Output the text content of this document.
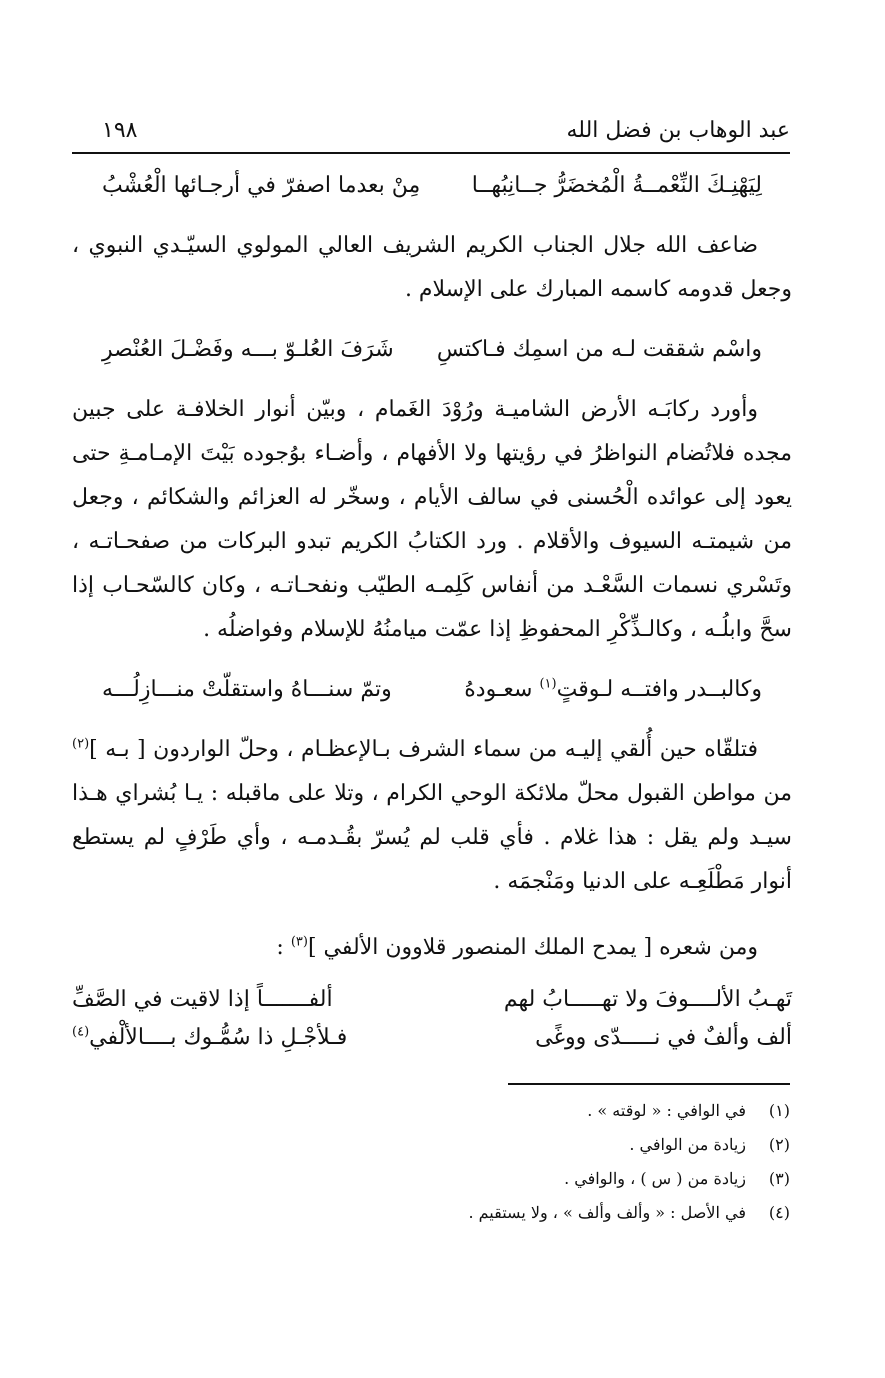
عبد الوهاب بن فضل الله
١٩٨
لِيَهْنِـكَ النِّعْمــةُ الْمُخضَرُّ جــانِبُهــا
مِنْ بعدما اصفرّ في أرجـائها الْعُشْبُ

ضاعف الله جلال الجناب الكريم الشريف العالي المولوي السيّـدي النبوي ، وجعل قدومه كاسمه المبارك على الإسلام .

واسْم شققت لـه من اسمِك فـاكتسِ
شَرَفَ العُلـوّ بـــه وفَضْـلَ العُنْصرِ

وأورد ركابَـه الأرض الشاميـة ورُوْدَ الغَمام ، وبيّن أنوار الخلافـة على جبين مجده فلاتُضام النواظرُ في رؤيتها ولا الأفهام ، وأضـاء بوُجوده بَيْتَ الإمـامـةِ حتى يعود إلى عوائده الْحُسنى في سالف الأيام ، وسخّر له العزائم والشكائم ، وجعل من شيمتـه السيوف والأقلام . ورد الكتابُ الكريم تبدو البركات من صفحـاتـه ، وتَسْري نسمات السَّعْـد من أنفاس كَلِمـه الطيّب ونفحـاتـه ، وكان كالسّحـاب إذا سحَّ وابلُـه ، وكالـذِّكْرِ المحفوظِ إذا عمّت ميامنُهُ للإسلام وفواضلُه .

وكالبــدر وافتــه لـوقتٍ$^{(١)}$ سعـودهُ
وتمّ سنـــاهُ واستقلّتْ منـــازِلُـــه

فتلقّاه حين أُلقي إليـه من سماء الشرف بـالإعظـام ، وحلّ الواردون [ بـه ]$^{(٢)}$ من مواطن القبول محلّ ملائكة الوحي الكرام ، وتلا على ماقبله : يـا بُشراي هـذا سيـد ولم يقل : هذا غلام . فأي قلب لم يُسرّ بقُـدمـه ، وأي طَرْفٍ لم يستطع أنوار مَطْلَعِـه على الدنيا ومَنْجمَه .

ومن شعره [ يمدح الملك المنصور قلاوون الألفي ]$^{(٣)}$ :

تَهـبُ الألــــوفَ ولا تهـــــابُ لهم
ألفـــــــاً إذا لاقيت في الصَّفِّ
ألف وألفٌ في نـــــدّى ووغًى
فـلأجْـلِ ذا سُمُّـوك بــــالألْفي$^{(٤)}$
(١)في الوافي : « لوقته » .
(٢)زيادة من الوافي .
(٣)زيادة من ( س ) ، والوافي .
(٤)في الأصل : « وألف وألف » ، ولا يستقيم .
